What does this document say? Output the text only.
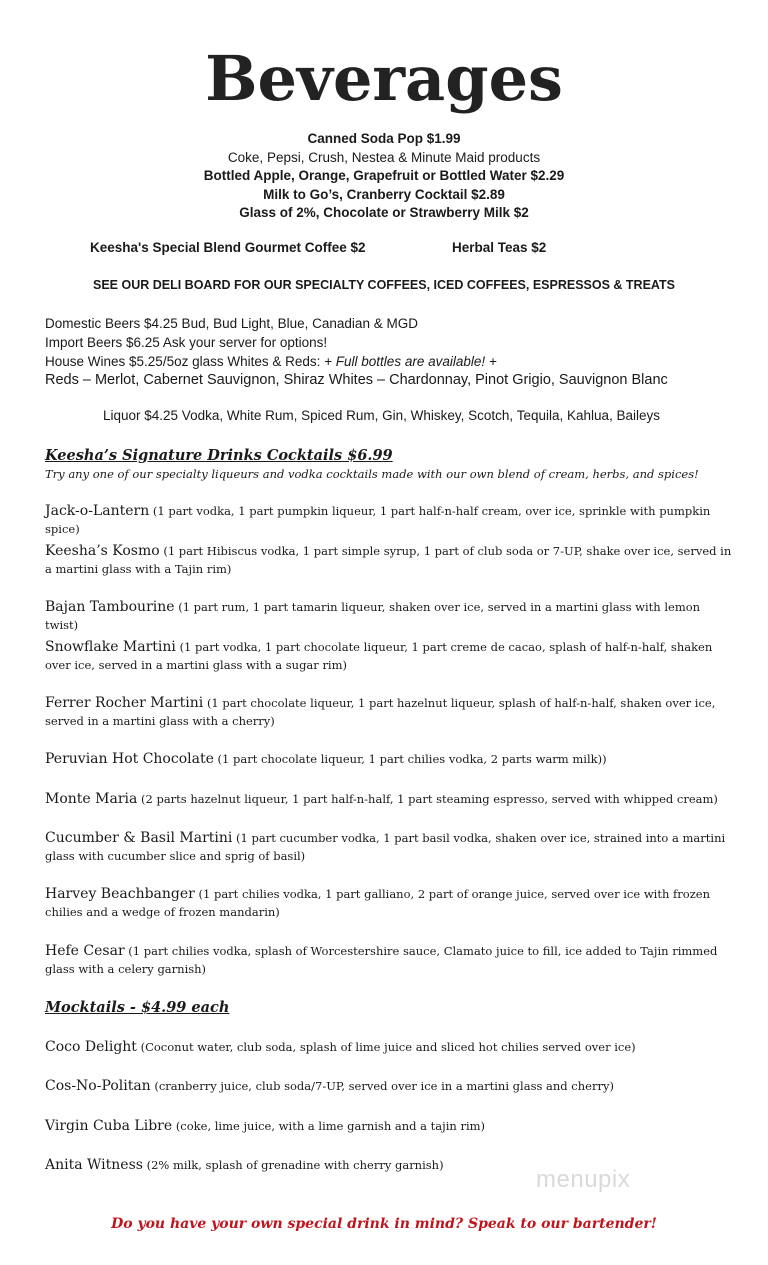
Beverages
Canned Soda Pop $1.99
Coke, Pepsi, Crush, Nestea & Minute Maid products
Bottled Apple, Orange, Grapefruit or Bottled Water $2.29
Milk to Go’s, Cranberry Cocktail $2.89
Glass of 2%, Chocolate or Strawberry Milk $2
Keesha's Special Blend Gourmet Coffee $2	Herbal Teas $2
SEE OUR DELI BOARD FOR OUR SPECIALTY COFFEES, ICED COFFEES, ESPRESSOS & TREATS
Domestic Beers $4.25 Bud, Bud Light, Blue, Canadian & MGD
Import Beers $6.25 Ask your server for options!
House Wines $5.25/5oz glass Whites & Reds: + Full bottles are available! +
Reds – Merlot, Cabernet Sauvignon, Shiraz Whites – Chardonnay, Pinot Grigio, Sauvignon Blanc
Liquor $4.25 Vodka, White Rum, Spiced Rum, Gin, Whiskey, Scotch, Tequila, Kahlua, Baileys
Keesha’s Signature Drinks Cocktails $6.99
Try any one of our specialty liqueurs and vodka cocktails made with our own blend of cream, herbs, and spices!
Jack-o-Lantern (1 part vodka, 1 part pumpkin liqueur, 1 part half-n-half cream, over ice, sprinkle with pumpkin spice)
Keesha’s Kosmo (1 part Hibiscus vodka, 1 part simple syrup, 1 part of club soda or 7-UP, shake over ice, served in a martini glass with a Tajin rim)
Bajan Tambourine (1 part rum, 1 part tamarin liqueur, shaken over ice, served in a martini glass with lemon twist)
Snowflake Martini (1 part vodka, 1 part chocolate liqueur, 1 part creme de cacao, splash of half-n-half, shaken over ice, served in a martini glass with a sugar rim)
Ferrer Rocher Martini (1 part chocolate liqueur, 1 part hazelnut liqueur, splash of half-n-half, shaken over ice, served in a martini glass with a cherry)
Peruvian Hot Chocolate (1 part chocolate liqueur, 1 part chilies vodka, 2 parts warm milk))
Monte Maria (2 parts hazelnut liqueur, 1 part half-n-half, 1 part steaming espresso, served with whipped cream)
Cucumber & Basil Martini (1 part cucumber vodka, 1 part basil vodka, shaken over ice, strained into a martini glass with cucumber slice and sprig of basil)
Harvey Beachbanger (1 part chilies vodka, 1 part galliano, 2 part of orange juice, served over ice with frozen chilies and a wedge of frozen mandarin)
Hefe Cesar (1 part chilies vodka, splash of Worcestershire sauce, Clamato juice to fill, ice added to Tajin rimmed glass with a celery garnish)
Mocktails - $4.99 each
Coco Delight (Coconut water, club soda, splash of lime juice and sliced hot chilies served over ice)
Cos-No-Politan (cranberry juice, club soda/7-UP, served over ice in a martini glass and cherry)
Virgin Cuba Libre (coke, lime juice, with a lime garnish and a tajin rim)
Anita Witness (2% milk, splash of grenadine with cherry garnish)
menupix
Do you have your own special drink in mind? Speak to our bartender!
